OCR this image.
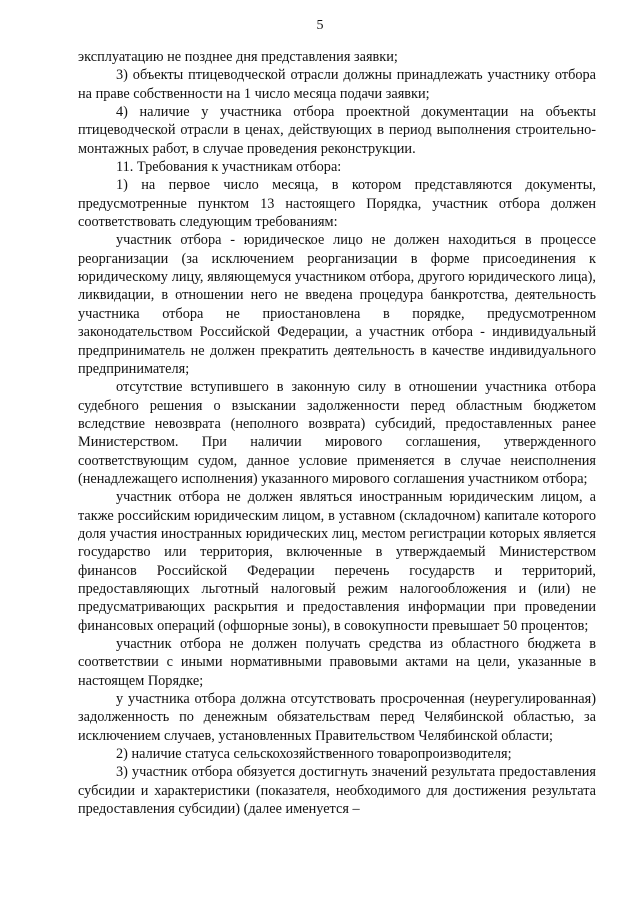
5

эксплуатацию не позднее дня представления заявки;

3) объекты птицеводческой отрасли должны принадлежать участнику отбора на праве собственности на 1 число месяца подачи заявки;

4) наличие у участника отбора проектной документации на объекты птицеводческой отрасли в ценах, действующих в период выполнения строительно-монтажных работ, в случае проведения реконструкции.

11. Требования к участникам отбора:

1) на первое число месяца, в котором представляются документы, предусмотренные пунктом 13 настоящего Порядка, участник отбора должен соответствовать следующим требованиям:

участник отбора - юридическое лицо не должен находиться в процессе реорганизации (за исключением реорганизации в форме присоединения к юридическому лицу, являющемуся участником отбора, другого юридического лица), ликвидации, в отношении него не введена процедура банкротства, деятельность участника отбора не приостановлена в порядке, предусмотренном законодательством Российской Федерации, а участник отбора - индивидуальный предприниматель не должен прекратить деятельность в качестве индивидуального предпринимателя;

отсутствие вступившего в законную силу в отношении участника отбора судебного решения о взыскании задолженности перед областным бюджетом вследствие невозврата (неполного возврата) субсидий, предоставленных ранее Министерством. При наличии мирового соглашения, утвержденного соответствующим судом, данное условие применяется в случае неисполнения (ненадлежащего исполнения) указанного мирового соглашения участником отбора;

участник отбора не должен являться иностранным юридическим лицом, а также российским юридическим лицом, в уставном (складочном) капитале которого доля участия иностранных юридических лиц, местом регистрации которых является государство или территория, включенные в утверждаемый Министерством финансов Российской Федерации перечень государств и территорий, предоставляющих льготный налоговый режим налогообложения и (или) не предусматривающих раскрытия и предоставления информации при проведении финансовых операций (офшорные зоны), в совокупности превышает 50 процентов;

участник отбора не должен получать средства из областного бюджета в соответствии с иными нормативными правовыми актами на цели, указанные в настоящем Порядке;

у участника отбора должна отсутствовать просроченная (неурегулированная) задолженность по денежным обязательствам перед Челябинской областью, за исключением случаев, установленных Правительством Челябинской области;

2) наличие статуса сельскохозяйственного товаропроизводителя;

3) участник отбора обязуется достигнуть значений результата предоставления субсидии и характеристики (показателя, необходимого для достижения результата предоставления субсидии) (далее именуется –
